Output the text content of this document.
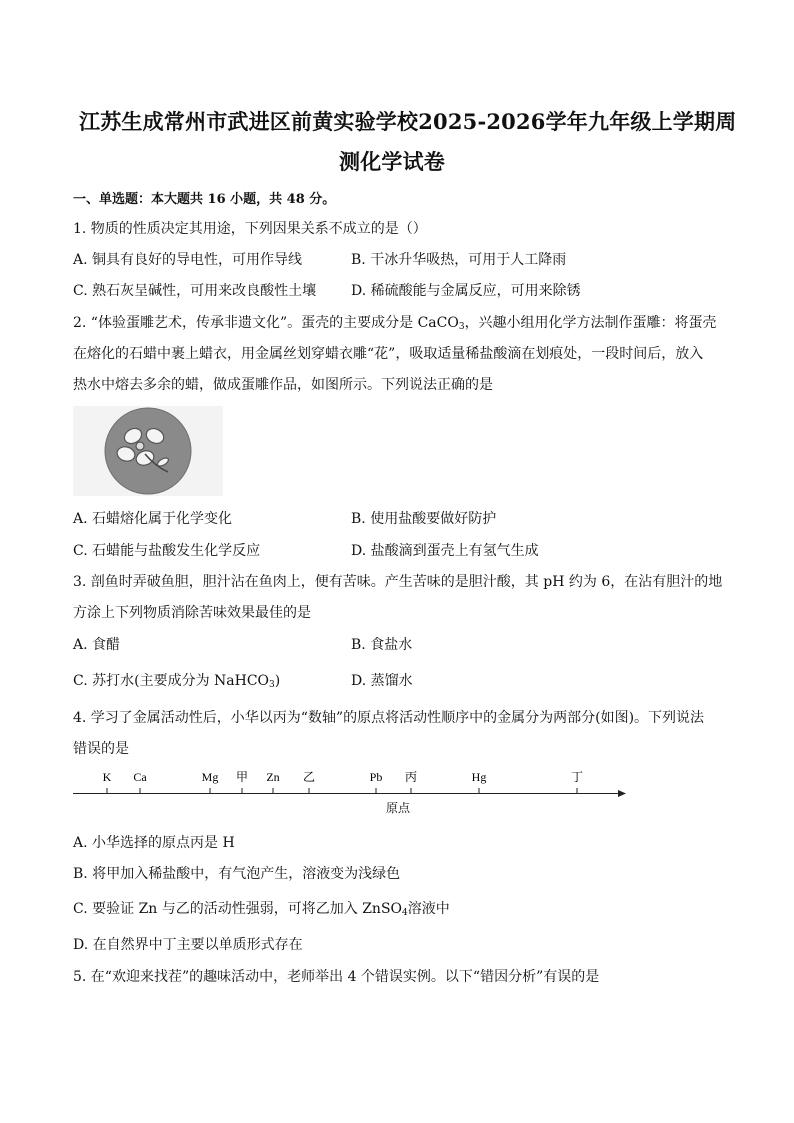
江苏生成常州市武进区前黄实验学校2025-2026学年九年级上学期周
测化学试卷
一、单选题：本大题共 16 小题，共 48 分。
1. 物质的性质决定其用途，下列因果关系不成立的是（）
A. 铜具有良好的导电性，可用作导线	B. 干冰升华吸热，可用于人工降雨
C. 熟石灰呈碱性，可用来改良酸性土壤 D. 稀硫酸能与金属反应，可用来除锈
2. “体验蛋雕艺术，传承非遗文化”。蛋壳的主要成分是 CaCO$_3$，兴趣小组用化学方法制作蛋雕：将蛋壳
在熔化的石蜡中裹上蜡衣，用金属丝划穿蜡衣雕“花”，吸取适量稀盐酸滴在划痕处，一段时间后，放入
热水中熔去多余的蜡，做成蛋雕作品，如图所示。下列说法正确的是
A. 石蜡熔化属于化学变化	B. 使用盐酸要做好防护
C. 石蜡能与盐酸发生化学反应	D. 盐酸滴到蛋壳上有氢气生成
3. 剖鱼时弄破鱼胆，胆汁沾在鱼肉上，便有苦味。产生苦味的是胆汁酸，其 pH 约为 6，在沾有胆汁的地
方涂上下列物质消除苦味效果最佳的是
A. 食醋	B. 食盐水
C. 苏打水(主要成分为 NaHCO$_3$)	D. 蒸馏水
4. 学习了金属活动性后，小华以丙为“数轴”的原点将活动性顺序中的金属分为两部分(如图)。下列说法
错误的是
K Ca	Mg 甲 Zn 乙	Pb 丙	Hg	丁
原点
A. 小华选择的原点丙是 H
B. 将甲加入稀盐酸中，有气泡产生，溶液变为浅绿色
C. 要验证 Zn 与乙的活动性强弱，可将乙加入 ZnSO$_4$溶液中
D. 在自然界中丁主要以单质形式存在
5. 在“欢迎来找茬”的趣味活动中，老师举出 4 个错误实例。以下“错因分析”有误的是
